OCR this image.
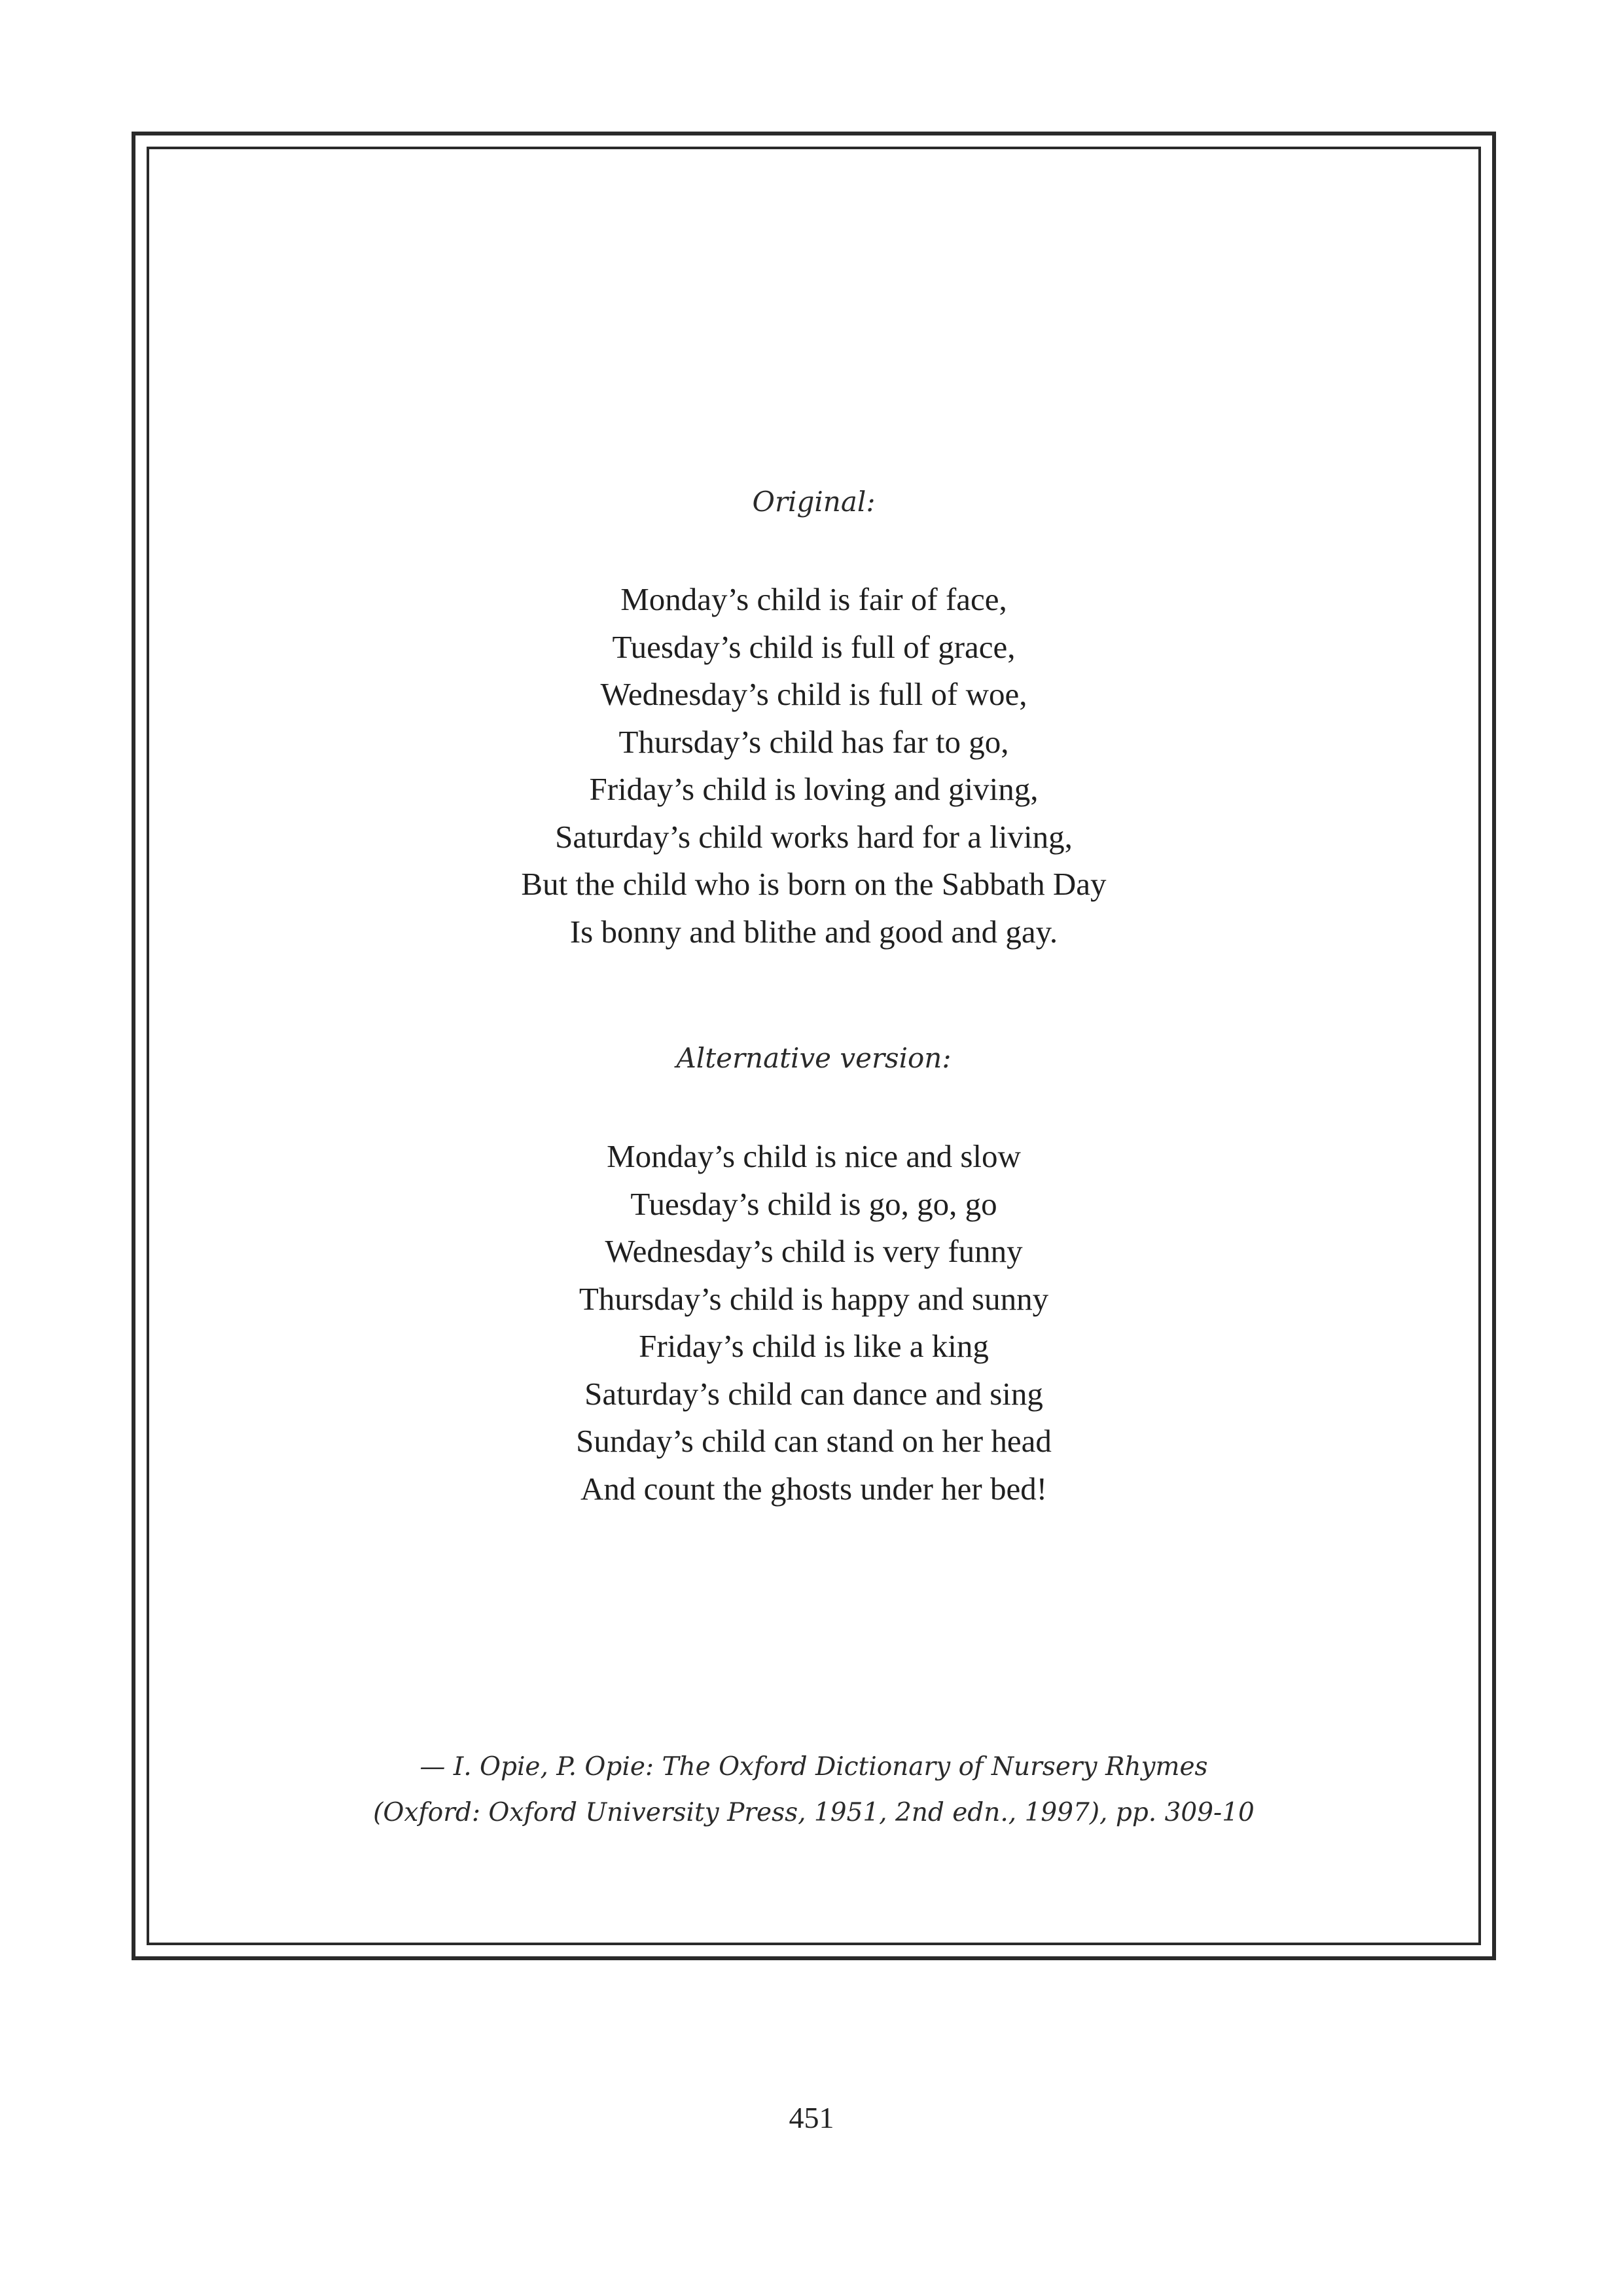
Original:
Monday’s child is fair of face,
Tuesday’s child is full of grace,
Wednesday’s child is full of woe,
Thursday’s child has far to go,
Friday’s child is loving and giving,
Saturday’s child works hard for a living,
But the child who is born on the Sabbath Day
Is bonny and blithe and good and gay.
Alternative version:
Monday’s child is nice and slow
Tuesday’s child is go, go, go
Wednesday’s child is very funny
Thursday’s child is happy and sunny
Friday’s child is like a king
Saturday’s child can dance and sing
Sunday’s child can stand on her head
And count the ghosts under her bed!
— I. Opie, P. Opie: The Oxford Dictionary of Nursery Rhymes
(Oxford: Oxford University Press, 1951, 2nd edn., 1997), pp. 309-10
451
